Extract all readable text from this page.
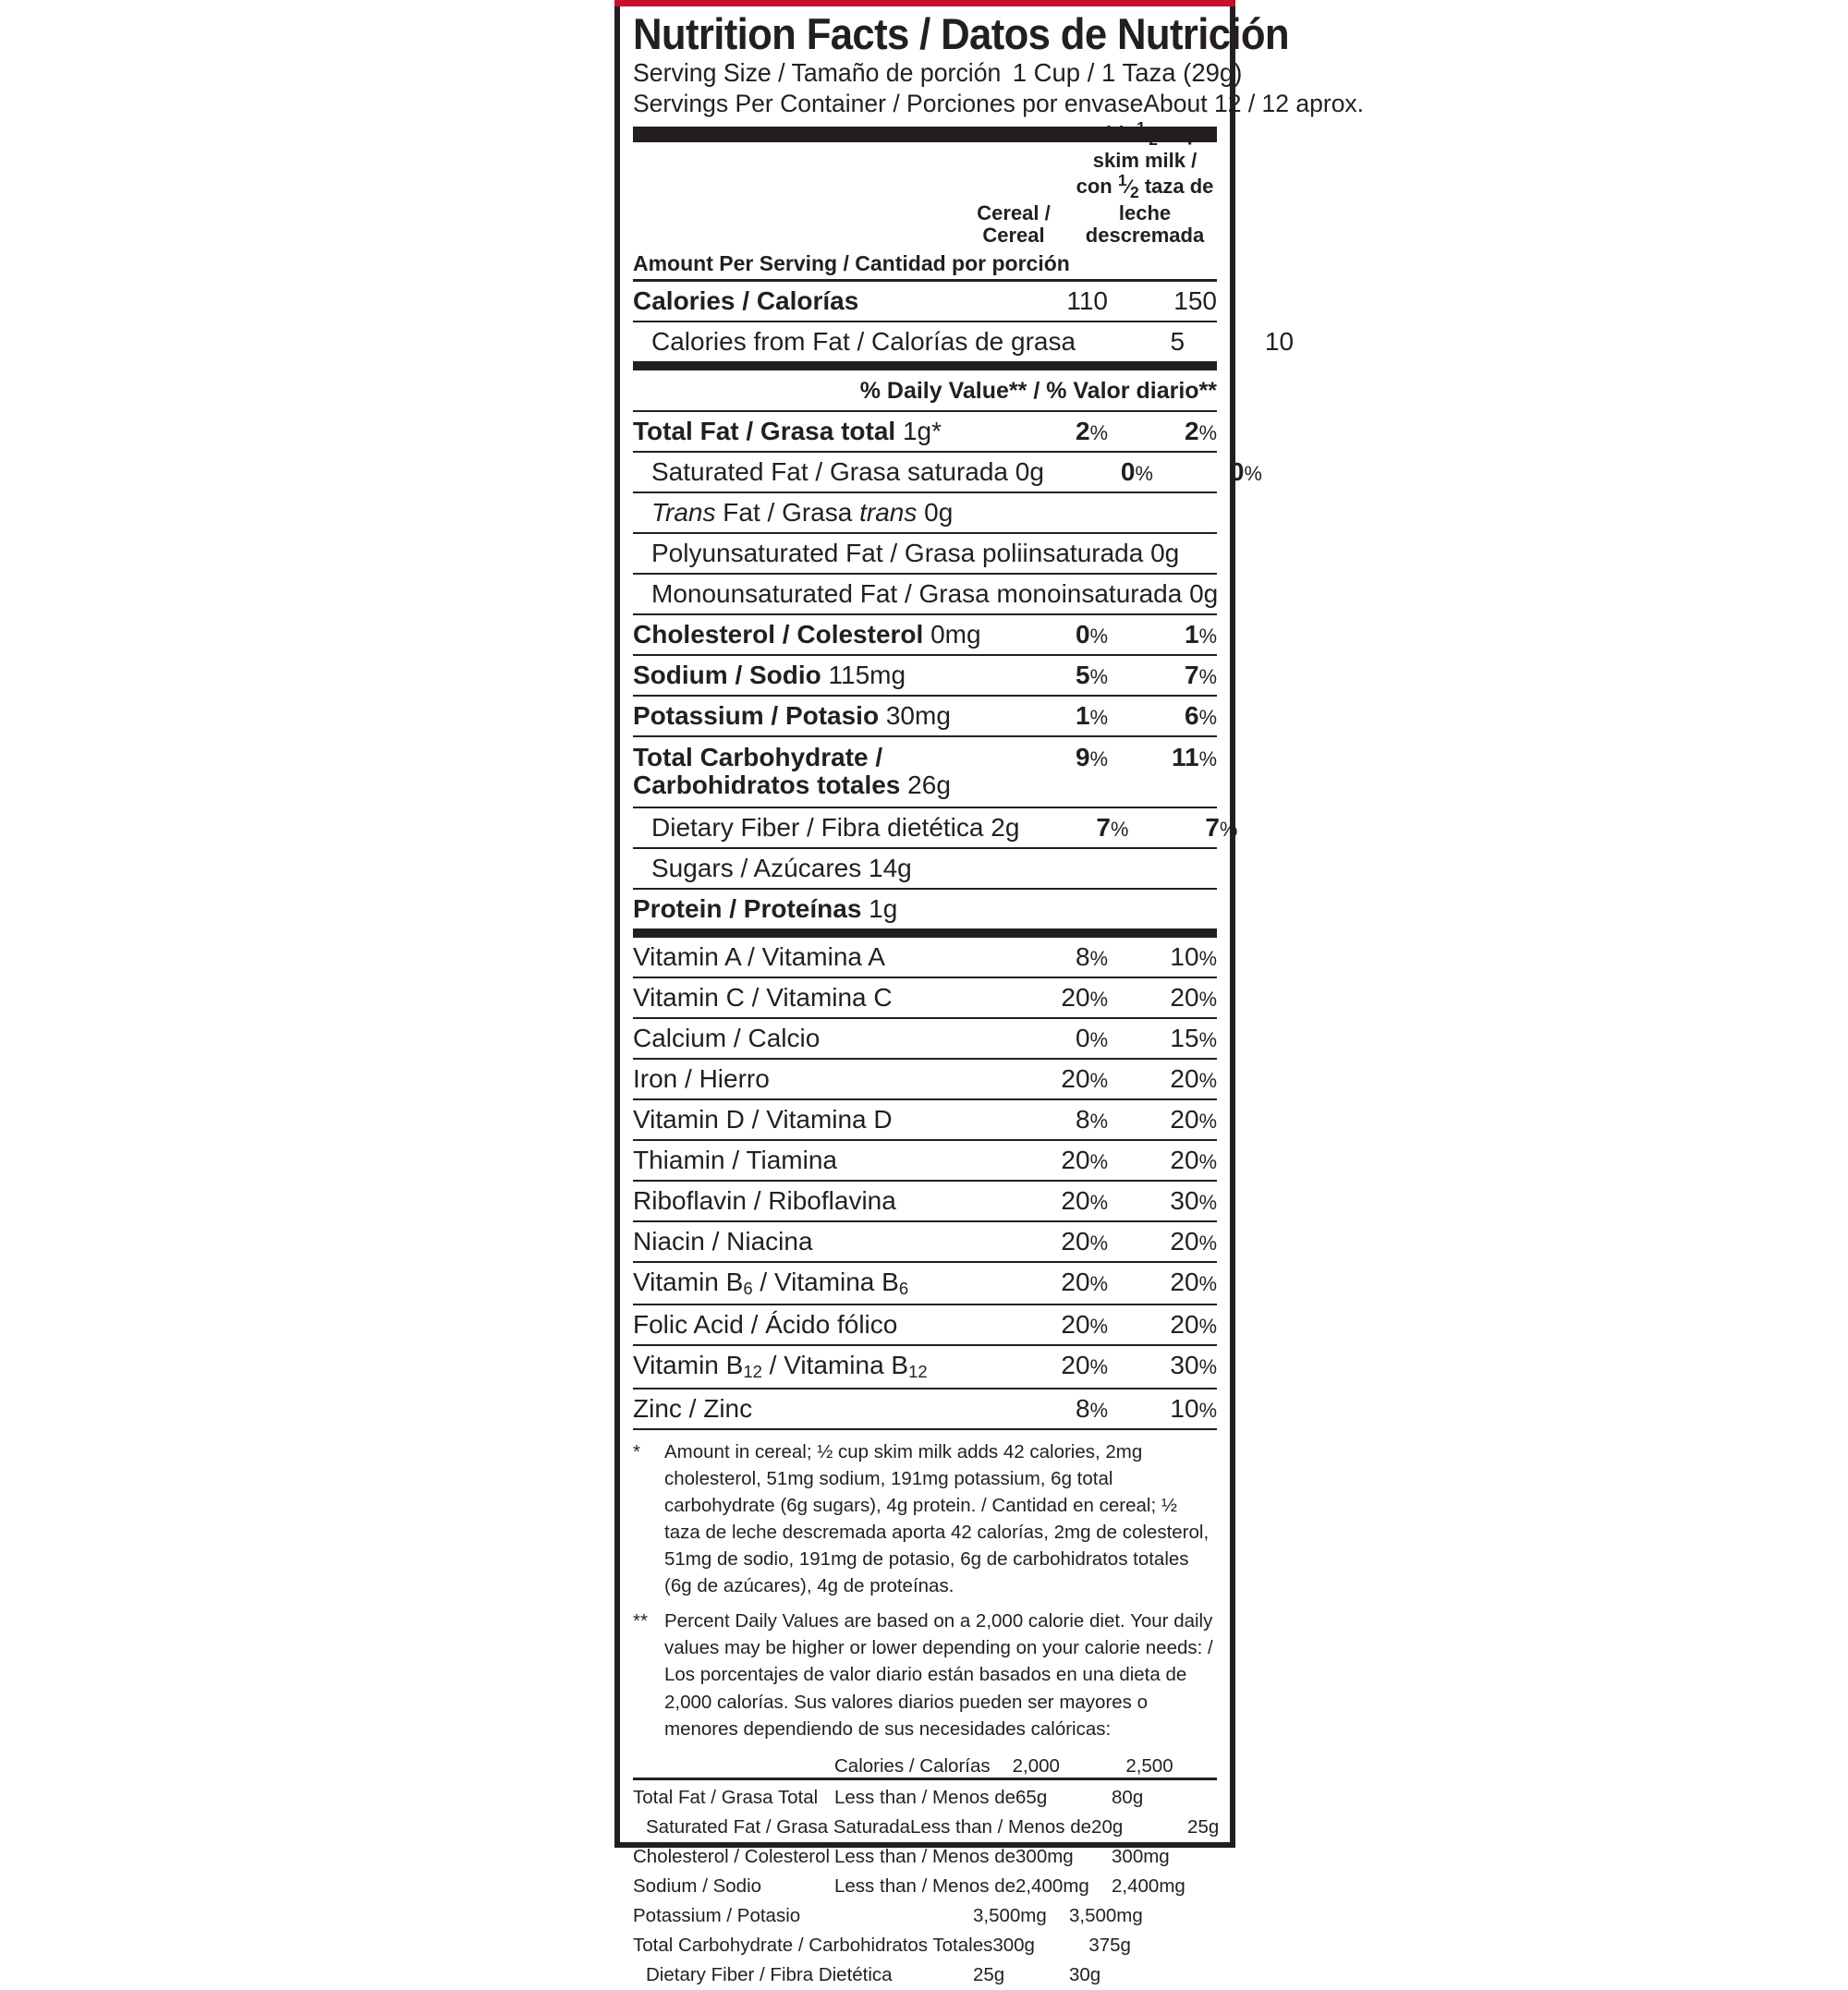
Nutrition Facts / Datos de Nutrición
Serving Size / Tamaño de porción 1 Cup / 1 Taza (29g)
Servings Per Container / Porciones por envase About 12 / 12 aprox.
Cereal /
Cereal
with $^1⁄_2$ cup
skim milk /
con $^1⁄_2$ taza de
leche descremada
Amount Per Serving / Cantidad por porción
Calories / Calorías	110	150
Calories from Fat / Calorías de grasa	5	10
% Daily Value** / % Valor diario**
Total Fat / Grasa total 1g*	2%	2%
Saturated Fat / Grasa saturada 0g	0%	0%
Trans Fat / Grasa trans 0g
Polyunsaturated Fat / Grasa poliinsaturada 0g
Monounsaturated Fat / Grasa monoinsaturada 0g
Cholesterol / Colesterol 0mg	0%	1%
Sodium / Sodio 115mg	5%	7%
Potassium / Potasio 30mg	1%	6%
Total Carbohydrate /
Carbohidratos totales 26g
9%	11%
Dietary Fiber / Fibra dietética 2g	7%	7%
Sugars / Azúcares 14g
Protein / Proteínas 1g
Vitamin A / Vitamina A	8%	10%
Vitamin C / Vitamina C	20%	20%
Calcium / Calcio	0%	15%
Iron / Hierro	20%	20%
Vitamin D / Vitamina D	8%	20%
Thiamin / Tiamina	20%	20%
Riboflavin / Riboflavina	20%	30%
Niacin / Niacina	20%	20%
Vitamin $B_6$ / Vitamina $B_6$	20%	20%
Folic Acid / Ácido fólico	20%	20%
Vitamin $B_{12}$ / Vitamina $B_{12}$	20%	30%
Zinc / Zinc	8%	10%
*	Amount in cereal; ½ cup skim milk adds 42 calories, 2mg cholesterol, 51mg sodium, 191mg potassium, 6g total carbohydrate (6g sugars), 4g protein. / Cantidad en cereal; ½ taza de leche descremada aporta 42 calorías, 2mg de colesterol, 51mg de sodio, 191mg de potasio, 6g de carbohidratos totales (6g de azúcares), 4g de proteínas.
** Percent Daily Values are based on a 2,000 calorie diet. Your daily values may be higher or lower depending on your calorie needs: / Los porcentajes de valor diario están basados en una dieta de 2,000 calorías. Sus valores diarios pueden ser mayores o menores dependiendo de sus necesidades calóricas:
Calories / Calorías	2,000	2,500
Total Fat / Grasa Total Less than / Menos de 65g	80g
Saturated Fat / Grasa Saturada Less than / Menos de 20g	25g
Cholesterol / Colesterol Less than / Menos de 300mg	300mg
Sodium / Sodio	Less than / Menos de 2,400mg	2,400mg
Potassium / Potasio	3,500mg	3,500mg
Total Carbohydrate / Carbohidratos Totales 300g	375g
Dietary Fiber / Fibra Dietética	25g	30g
